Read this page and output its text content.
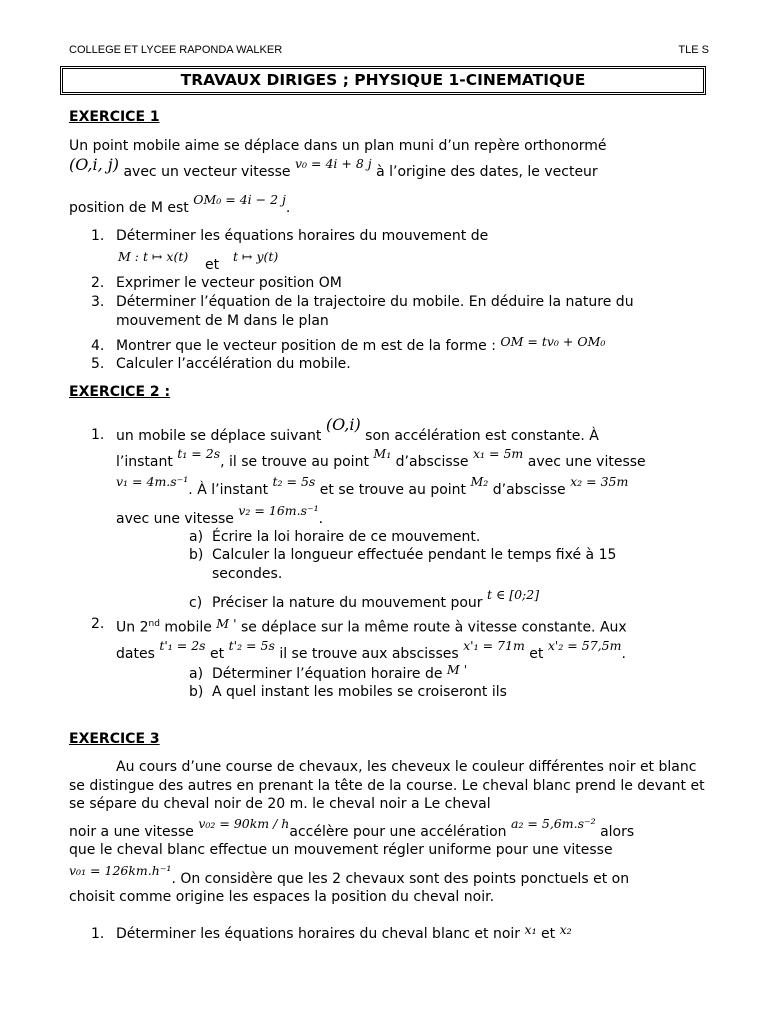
COLLEGE ET LYCEE RAPONDA WALKER	TLE S
TRAVAUX DIRIGES ; PHYSIQUE 1-CINEMATIQUE
EXERCICE 1
Un point mobile aime se déplace dans un plan muni d’un repère orthonormé
(O,i, j) avec un vecteur vitesse v₀ = 4i + 8 j à l’origine des dates, le vecteur
position de M est OM₀ = 4i − 2 j.
1. Déterminer les équations horaires du mouvement de
M : t ↦ x(t)
et
t ↦ y(t)
2. Exprimer le vecteur position OM
3. Déterminer l’équation de la trajectoire du mobile. En déduire la nature du mouvement de M dans le plan
4. Montrer que le vecteur position de m est de la forme : OM = tv₀ + OM₀
5. Calculer l’accélération du mobile.
EXERCICE 2 :
1. un mobile se déplace suivant (O,i) son accélération est constante. À
l’instant t₁ = 2s, il se trouve au point M₁ d’abscisse x₁ = 5m avec une vitesse
v₁ = 4m.s⁻¹. À l’instant t₂ = 5s et se trouve au point M₂ d’abscisse x₂ = 35m
avec une vitesse v₂ = 16m.s⁻¹.
a) Écrire la loi horaire de ce mouvement.
b) Calculer la longueur effectuée pendant le temps fixé à 15 secondes.
c) Préciser la nature du mouvement pour t ∈ [0;2]
2. Un 2nd mobile M ' se déplace sur la même route à vitesse constante. Aux
dates t'₁ = 2s et t'₂ = 5s il se trouve aux abscisses x'₁ = 71m et x'₂ = 57,5m.
a) Déterminer l’équation horaire de M '
b) A quel instant les mobiles se croiseront ils
EXERCICE 3
Au cours d’une course de chevaux, les cheveux le couleur différentes noir et blanc se distingue des autres en prenant la tête de la course. Le cheval blanc prend le devant et se sépare du cheval noir de 20 m. le cheval noir a Le cheval
noir a une vitesse v₀₂ = 90km / haccélère pour une accélération a₂ = 5,6m.s⁻² alors
que le cheval blanc effectue un mouvement régler uniforme pour une vitesse
v₀₁ = 126km.h⁻¹. On considère que les 2 chevaux sont des points ponctuels et on
choisit comme origine les espaces la position du cheval noir.
1. Déterminer les équations horaires du cheval blanc et noir x₁ et x₂
